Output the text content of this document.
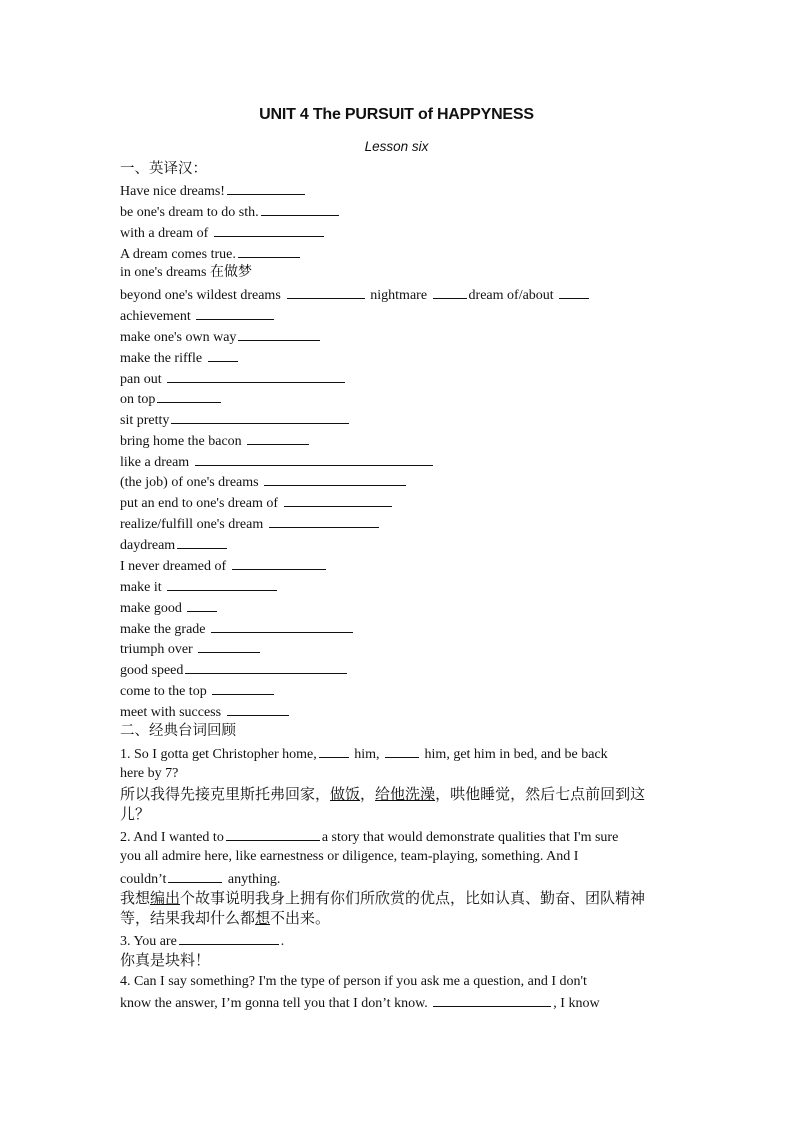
UNIT 4 The PURSUIT of HAPPYNESS
Lesson six
一、英译汉：
Have nice dreams!
be one's dream to do sth.
with a dream of
A dream comes true.
in one's dreams 在做梦
beyond one's wildest dreams	nightmare	dream of/about
achievement
make one's own way
make the riffle
pan out
on top
sit pretty
bring home the bacon
like a dream
(the job) of one's dreams
put an end to one's dream of
realize/fulfill one's dream
daydream
I never dreamed of
make it
make good
make the grade
triumph over
good speed
come to the top
meet with success
二、经典台词回顾
1. So I gotta get Christopher home,	him,	him, get him in bed, and be back
here by 7?
所以我得先接克里斯托弗回家，做饭，给他洗澡，哄他睡觉，然后七点前回到这
儿？
2. And I wanted to	a story that would demonstrate qualities that I'm sure
you all admire here, like earnestness or diligence, team-playing, something. And I
couldn’t	anything.
我想编出个故事说明我身上拥有你们所欣赏的优点，比如认真、勤奋、团队精神
等，结果我却什么都想不出来。
3. You are	.
你真是块料！
4. Can I say something? I'm the type of person if you ask me a question, and I don't
know the answer, I’m gonna tell you that I don’t know.	, I know
